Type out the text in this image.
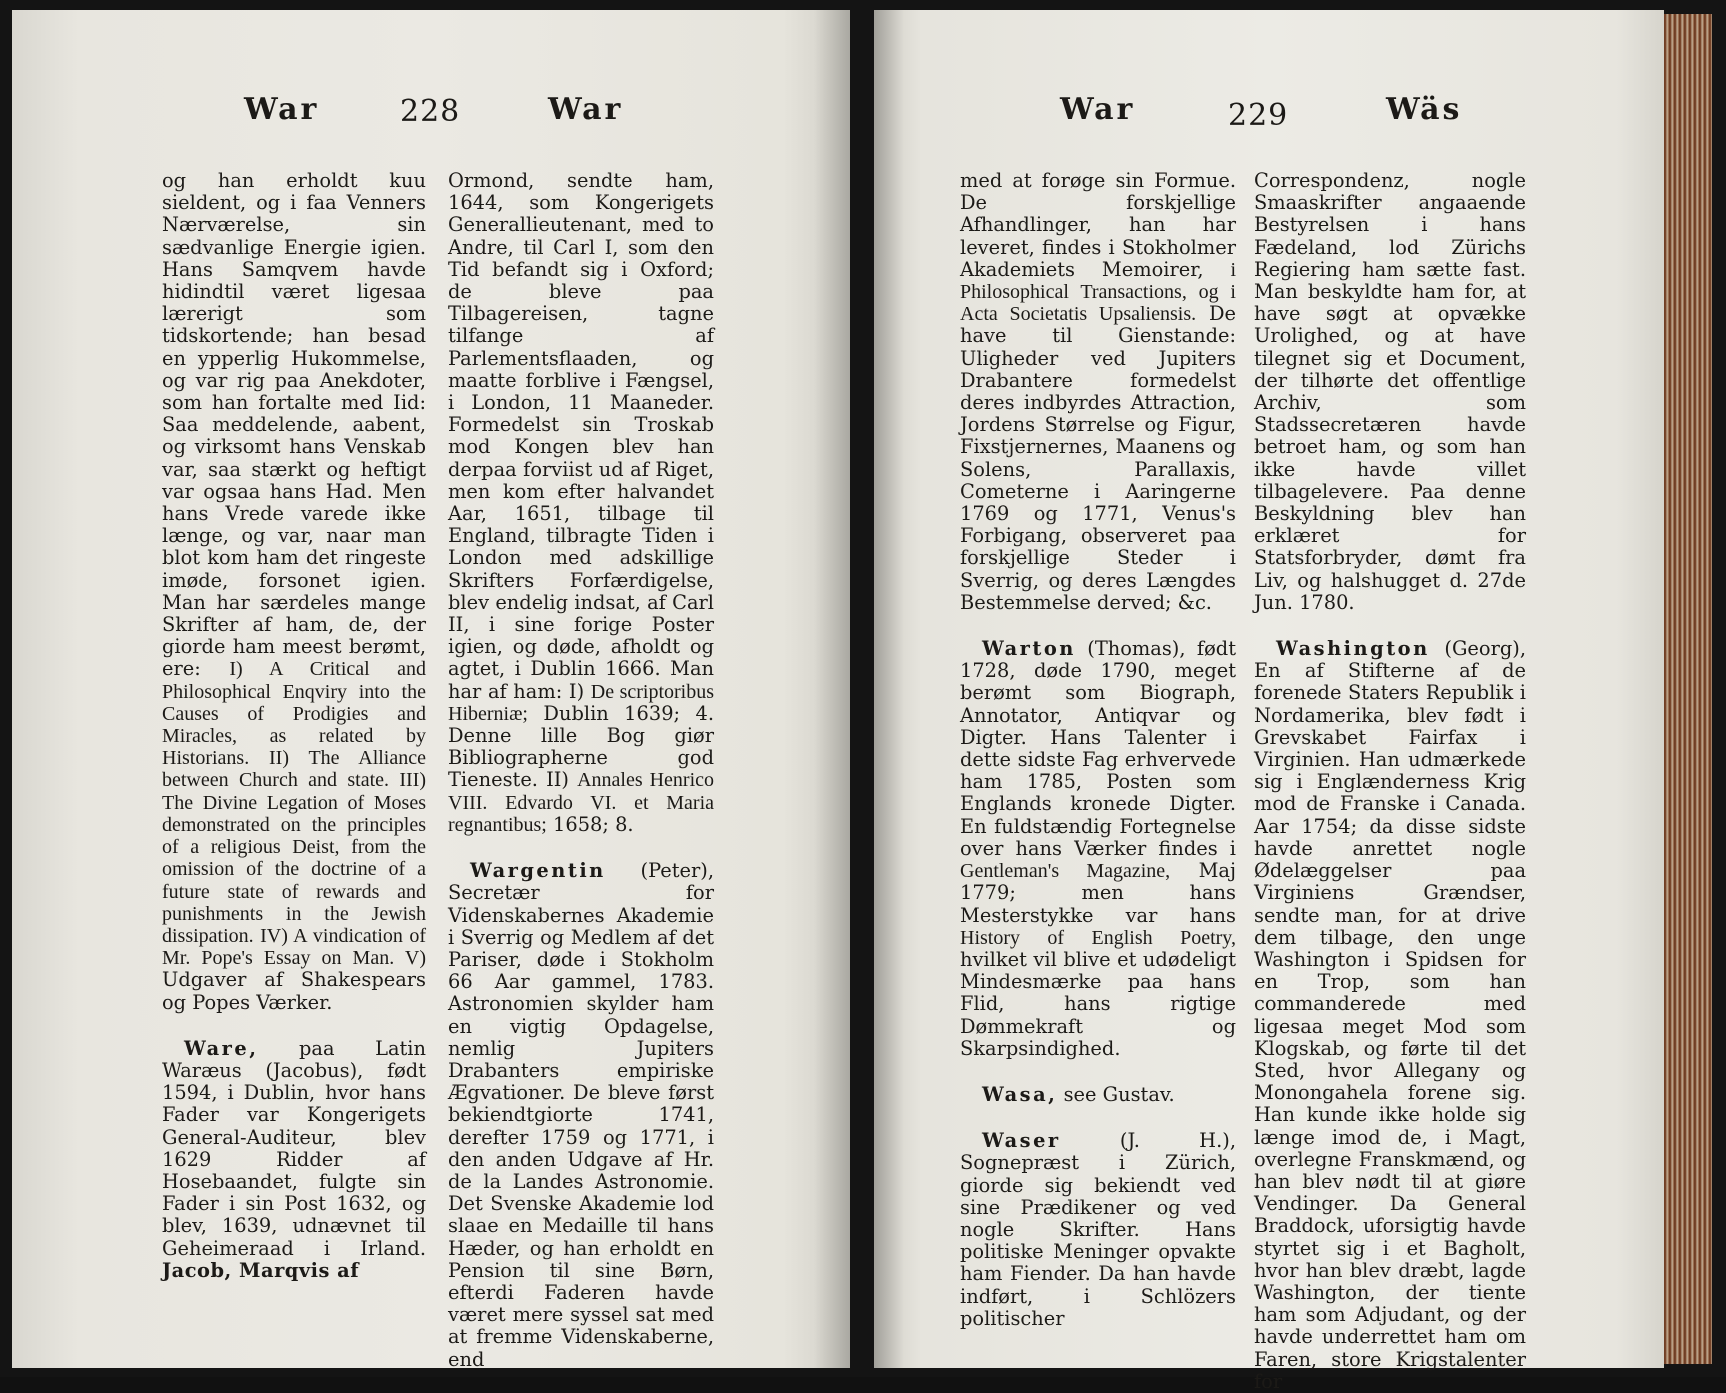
War	228	War

og han erholdt kuu sieldent, og i faa Venners Nærværelse, sin sædvanlige Energie igien. Hans Samqvem havde hidindtil været ligesaa lærerigt som tidskortende; han besad en ypperlig Hukommelse, og var rig paa Anekdoter, som han fortalte med Iid: Saa meddelende, aabent, og virksomt hans Venskab var, saa stærkt og heftigt var ogsaa hans Had. Men hans Vrede varede ikke længe, og var, naar man blot kom ham det ringeste imøde, forsonet igien. Man har særdeles mange Skrifter af ham, de, der giorde ham meest berømt, ere: I) A Critical and Philosophical Enqviry into the Causes of Prodigies and Miracles, as related by Historians. II) The Alliance between Church and state. III) The Divine Legation of Moses demonstrated on the principles of a religious Deist, from the omission of the doctrine of a future state of rewards and punishments in the Jewish dissipation. IV) A vindication of Mr. Pope's Essay on Man. V) Udgaver af Shakespears og Popes Værker.

Ware, paa Latin Waræus (Jacobus), født 1594, i Dublin, hvor hans Fader var Kongerigets General-Auditeur, blev 1629 Ridder af Hosebaandet, fulgte sin Fader i sin Post 1632, og blev, 1639, udnævnet til Geheimeraad i Irland. Jacob, Marqvis af

Ormond, sendte ham, 1644, som Kongerigets Generallieutenant, med to Andre, til Carl I, som den Tid befandt sig i Oxford; de bleve paa Tilbagereisen, tagne tilfange af Parlementsflaaden, og maatte forblive i Fængsel, i London, 11 Maaneder. Formedelst sin Troskab mod Kongen blev han derpaa forviist ud af Riget, men kom efter halvandet Aar, 1651, tilbage til England, tilbragte Tiden i London med adskillige Skrifters Forfærdigelse, blev endelig indsat, af Carl II, i sine forige Poster igien, og døde, afholdt og agtet, i Dublin 1666. Man har af ham: I) De scriptoribus Hiberniæ; Dublin 1639; 4. Denne lille Bog giør Bibliographerne god Tieneste. II) Annales Henrico VIII. Edvardo VI. et Maria regnantibus; 1658; 8.

Wargentin (Peter), Secretær for Videnskabernes Akademie i Sverrig og Medlem af det Pariser, døde i Stokholm 66 Aar gammel, 1783. Astronomien skylder ham en vigtig Opdagelse, nemlig Jupiters Drabanters empiriske Ægvationer. De bleve først bekiendtgiorte 1741, derefter 1759 og 1771, i den anden Udgave af Hr. de la Landes Astronomie. Det Svenske Akademie lod slaae en Medaille til hans Hæder, og han erholdt en Pension til sine Børn, efterdi Faderen havde været mere syssel sat med at fremme Videnskaberne, end

War	229	Wäs

med at forøge sin Formue. De forskjellige Afhandlinger, han har leveret, findes i Stokholmer Akademiets Memoirer, i Philosophical Transactions, og i Acta Societatis Upsaliensis. De have til Gienstande: Uligheder ved Jupiters Drabantere formedelst deres indbyrdes Attraction, Jordens Størrelse og Figur, Fixstjernernes, Maanens og Solens, Parallaxis, Cometerne i Aaringerne 1769 og 1771, Venus's Forbigang, observeret paa forskjellige Steder i Sverrig, og deres Længdes Bestemmelse derved; &c.

Warton (Thomas), født 1728, døde 1790, meget berømt som Biograph, Annotator, Antiqvar og Digter. Hans Talenter i dette sidste Fag erhvervede ham 1785, Posten som Englands kronede Digter. En fuldstændig Fortegnelse over hans Værker findes i Gentleman's Magazine, Maj 1779; men hans Mesterstykke var hans History of English Poetry, hvilket vil blive et udødeligt Mindesmærke paa hans Flid, hans rigtige Dømmekraft og Skarpsindighed.

Wasa, see Gustav.

Waser	(J. H.), Sognepræst i Zürich, giorde sig bekiendt ved sine Prædikener og ved nogle Skrifter. Hans politiske Meninger opvakte ham Fiender. Da han havde indført, i Schlözers politischer

Correspondenz, nogle Smaaskrifter angaaende Bestyrelsen i hans Fædeland, lod Zürichs Regiering ham sætte fast. Man beskyldte ham for, at have søgt at opvække Urolighed, og at have tilegnet sig et Document, der tilhørte det offentlige Archiv, som Stadssecretæren havde betroet ham, og som han ikke havde villet tilbagelevere. Paa denne Beskyldning blev han erklæret for Statsforbryder, dømt fra Liv, og halshugget d. 27de Jun. 1780.

Washington (Georg), En af Stifterne af de forenede Staters Republik i Nordamerika, blev født i Grevskabet Fairfax i Virginien. Han udmærkede sig i Englænderness Krig mod de Franske i Canada. Aar 1754; da disse sidste havde anrettet nogle Ødelæggelser paa Virginiens Grændser, sendte man, for at drive dem tilbage, den unge Washington i Spidsen for en Trop, som han commanderede med ligesaa meget Mod som Klogskab, og førte til det Sted, hvor Allegany og Monongahela forene sig. Han kunde ikke holde sig længe imod de, i Magt, overlegne Franskmænd, og han blev nødt til at giøre Vendinger. Da General Braddock, uforsigtig havde styrtet sig i et Bagholt, hvor han blev dræbt, lagde Washington, der tiente ham som Adjudant, og der havde underrettet ham om Faren, store Krigstalenter for
